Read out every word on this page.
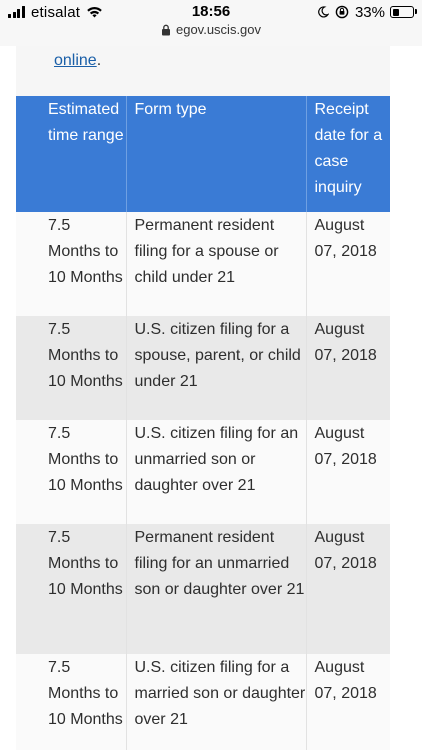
etisalat	18:56	33%
egov.uscis.gov
online.
Estimated time range	Form type	Receipt date for a case inquiry

7.5 Months to 10 Months	Permanent resident filing for a spouse or child under 21	August 07, 2018

7.5 Months to 10 Months	U.S. citizen filing for a spouse, parent, or child under 21	August 07, 2018

7.5 Months to 10 Months	U.S. citizen filing for an unmarried son or daughter over 21	August 07, 2018

7.5 Months to 10 Months	Permanent resident filing for an unmarried son or daughter over 21	August 07, 2018

7.5 Months to 10 Months	U.S. citizen filing for a married son or daughter over 21	August 07, 2018
